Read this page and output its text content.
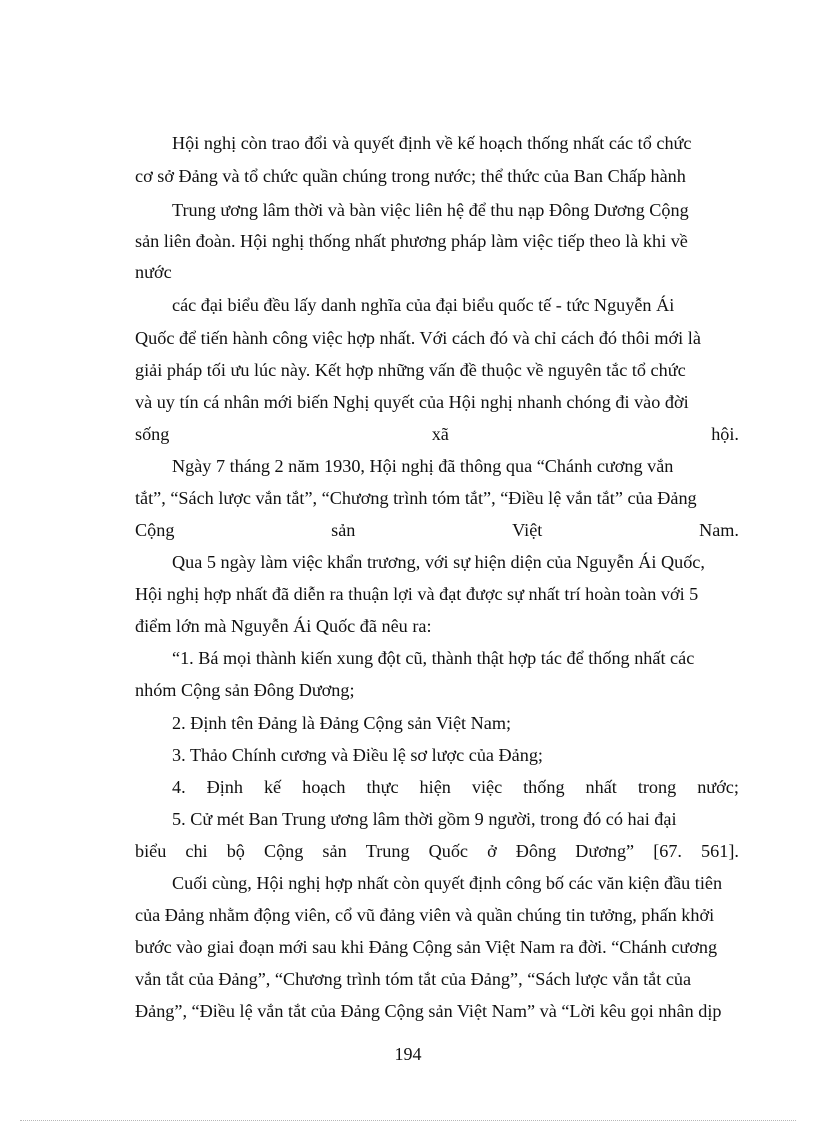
Hội nghị còn trao đổi và quyết định về kế hoạch thống nhất các tổ chức
cơ sở Đảng và tổ chức quần chúng trong nước; thể thức của Ban Chấp hành
Trung ương lâm thời và bàn việc liên hệ để thu nạp Đông Dương Cộng
sản liên đoàn. Hội nghị thống nhất phương pháp làm việc tiếp theo là khi về
nước
các đại biểu đều lấy danh nghĩa của đại biểu quốc tế - tức Nguyễn Ái
Quốc để tiến hành công việc hợp nhất. Với cách đó và chỉ cách đó thôi mới là
giải pháp tối ưu lúc này. Kết hợp những vấn đề thuộc về nguyên tắc tổ chức
và uy tín cá nhân mới biến Nghị quyết của Hội nghị nhanh chóng đi vào đời
sống	xã	hội.
Ngày 7 tháng 2 năm 1930, Hội nghị đã thông qua “Chánh cương vắn
tắt”, “Sách lược vắn tắt”, “Chương trình tóm tắt”, “Điều lệ vắn tắt” của Đảng
Cộng	sản	Việt	Nam.
Qua 5 ngày làm việc khẩn trương, với sự hiện diện của Nguyễn Ái Quốc,
Hội nghị hợp nhất đã diễn ra thuận lợi và đạt được sự nhất trí hoàn toàn với 5
điểm lớn mà Nguyễn Ái Quốc đã nêu ra:
“1. Bá mọi thành kiến xung đột cũ, thành thật hợp tác để thống nhất các
nhóm Cộng sản Đông Dương;
2. Định tên Đảng là Đảng Cộng sản Việt Nam;
3. Thảo Chính cương và Điều lệ sơ lược của Đảng;
4. Định kế hoạch thực hiện việc thống nhất trong nước;
5. Cử mét Ban Trung ương lâm thời gồm 9 người, trong đó có hai đại
biểu chi bộ Cộng sản Trung Quốc ở Đông Dương” [67. 561].
Cuối cùng, Hội nghị hợp nhất còn quyết định công bố các văn kiện đầu tiên
của Đảng nhằm động viên, cổ vũ đảng viên và quần chúng tin tưởng, phấn khởi
bước vào giai đoạn mới sau khi Đảng Cộng sản Việt Nam ra đời. “Chánh cương
vắn tắt của Đảng”, “Chương trình tóm tắt của Đảng”, “Sách lược vắn tắt của
Đảng”, “Điều lệ vắn tắt của Đảng Cộng sản Việt Nam” và “Lời kêu gọi nhân dịp
194
